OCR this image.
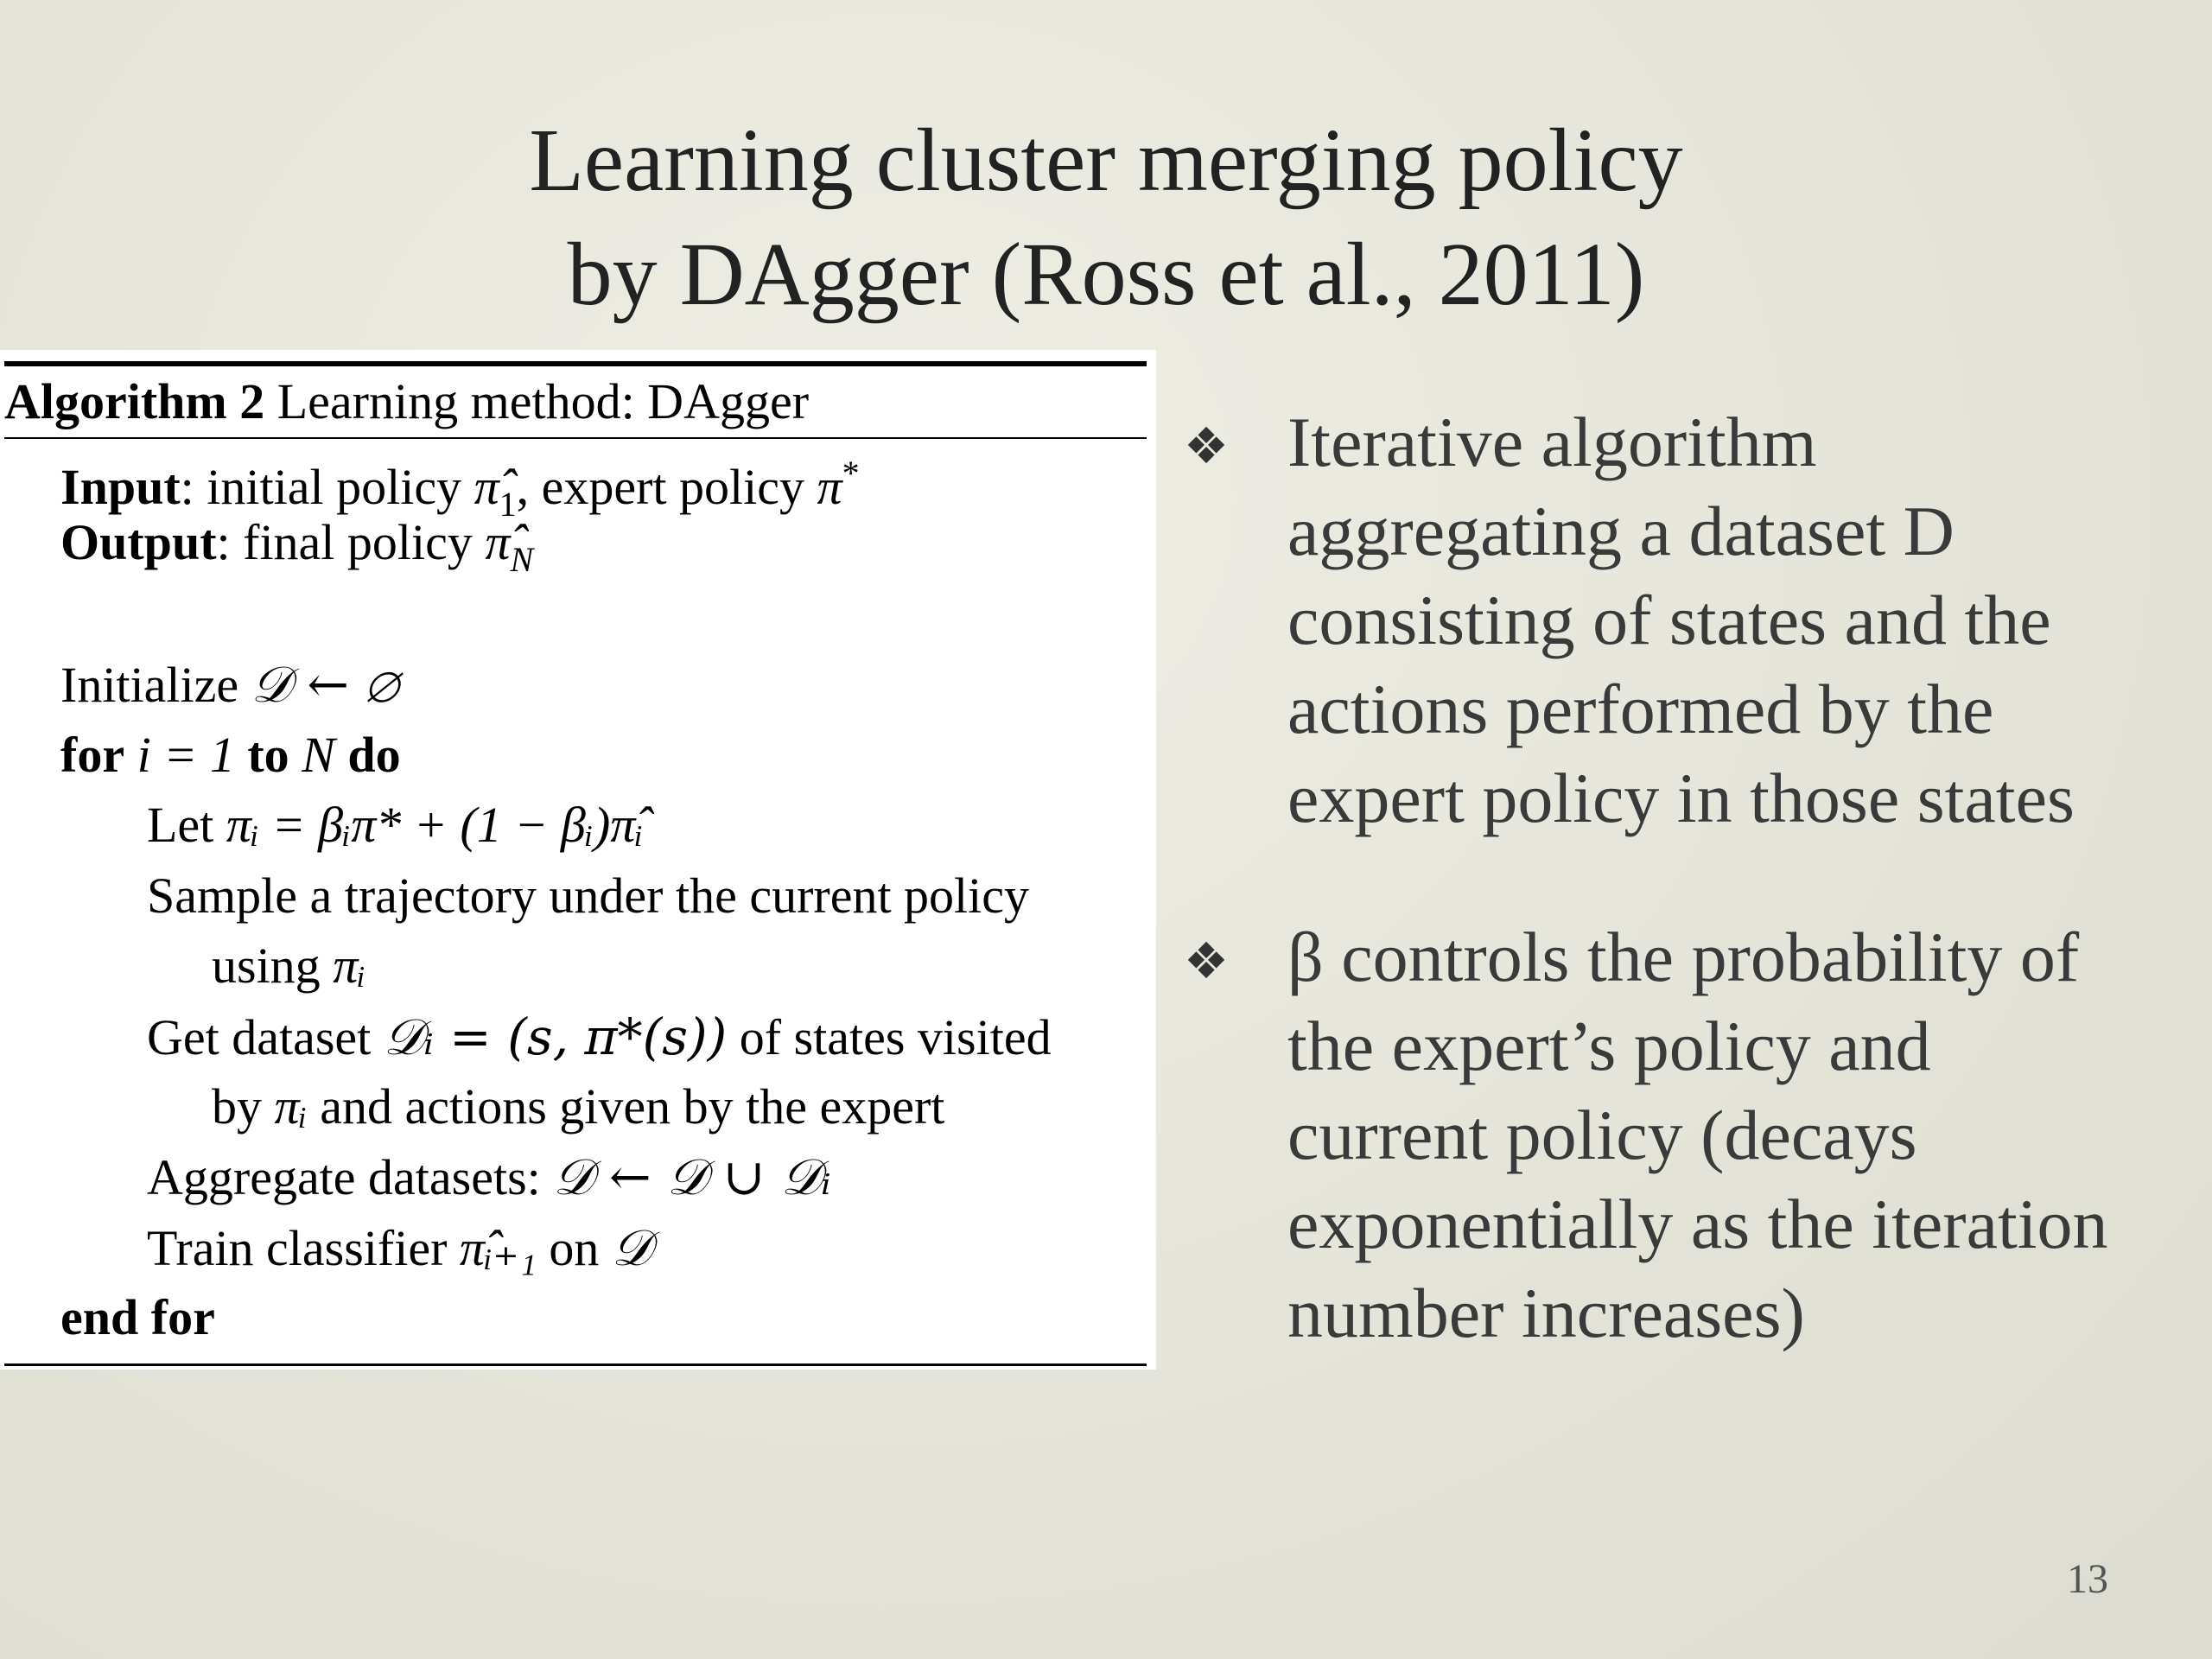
Learning cluster merging policy
by DAgger (Ross et al., 2011)
Algorithm 2 Learning method: DAgger
Input: initial policy $\pî_1$, expert policy π*
Output: final policy $\pî_N$
Initialize 𝒟 ← ∅
for i = 1 to N do
Let πᵢ = βᵢπ* + (1 − βᵢ)π̂ᵢ
Sample a trajectory under the current policy
using πᵢ
Get dataset 𝒟ᵢ = (s, π*(s)) of states visited
by πᵢ and actions given by the expert
Aggregate datasets: 𝒟 ← 𝒟 ∪ 𝒟ᵢ
Train classifier π̂ᵢ₊₁ on 𝒟
end for
❖ Iterative algorithm
aggregating a dataset D
consisting of states and the
actions performed by the
expert policy in those states
❖ β controls the probability of
the expert’s policy and
current policy (decays
exponentially as the iteration
number increases)
13
